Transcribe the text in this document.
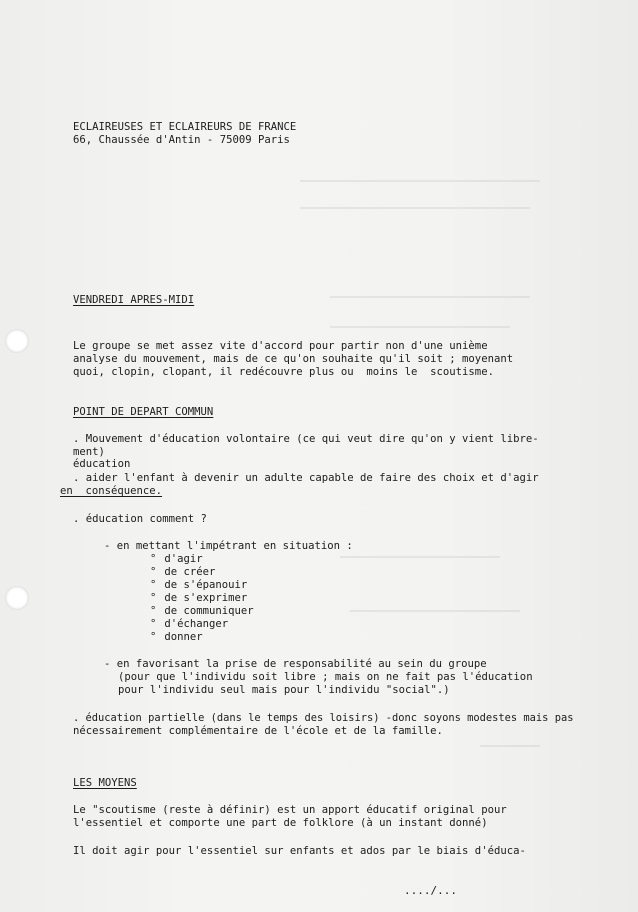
ECLAIREUSES ET ECLAIREURS DE FRANCE
66, Chaussée d'Antin - 75009 Paris
VENDREDI APRES-MIDI
Le groupe se met assez vite d'accord pour partir non d'une unième
analyse du mouvement, mais de ce qu'on souhaite qu'il soit ; moyenant
quoi, clopin, clopant, il redécouvre plus ou  moins le  scoutisme.
POINT DE DEPART COMMUN
. Mouvement d'éducation volontaire (ce qui veut dire qu'on y vient libre-
ment)
éducation
. aider l'enfant à devenir un adulte capable de faire des choix et d'agir
en  conséquence.
. éducation comment ?
- en mettant l'impétrant en situation :
° d'agir
° de créer
° de s'épanouir
° de s'exprimer
° de communiquer
° d'échanger
° donner
- en favorisant la prise de responsabilité au sein du groupe
(pour que l'individu soit libre ; mais on ne fait pas l'éducation
pour l'individu seul mais pour l'individu "social".)
. éducation partielle (dans le temps des loisirs) -donc soyons modestes mais pas
nécessairement complémentaire de l'école et de la famille.
LES MOYENS
Le "scoutisme (reste à définir) est un apport éducatif original pour
l'essentiel et comporte une part de folklore (à un instant donné)
Il doit agir pour l'essentiel sur enfants et ados par le biais d'éduca-
..../...
